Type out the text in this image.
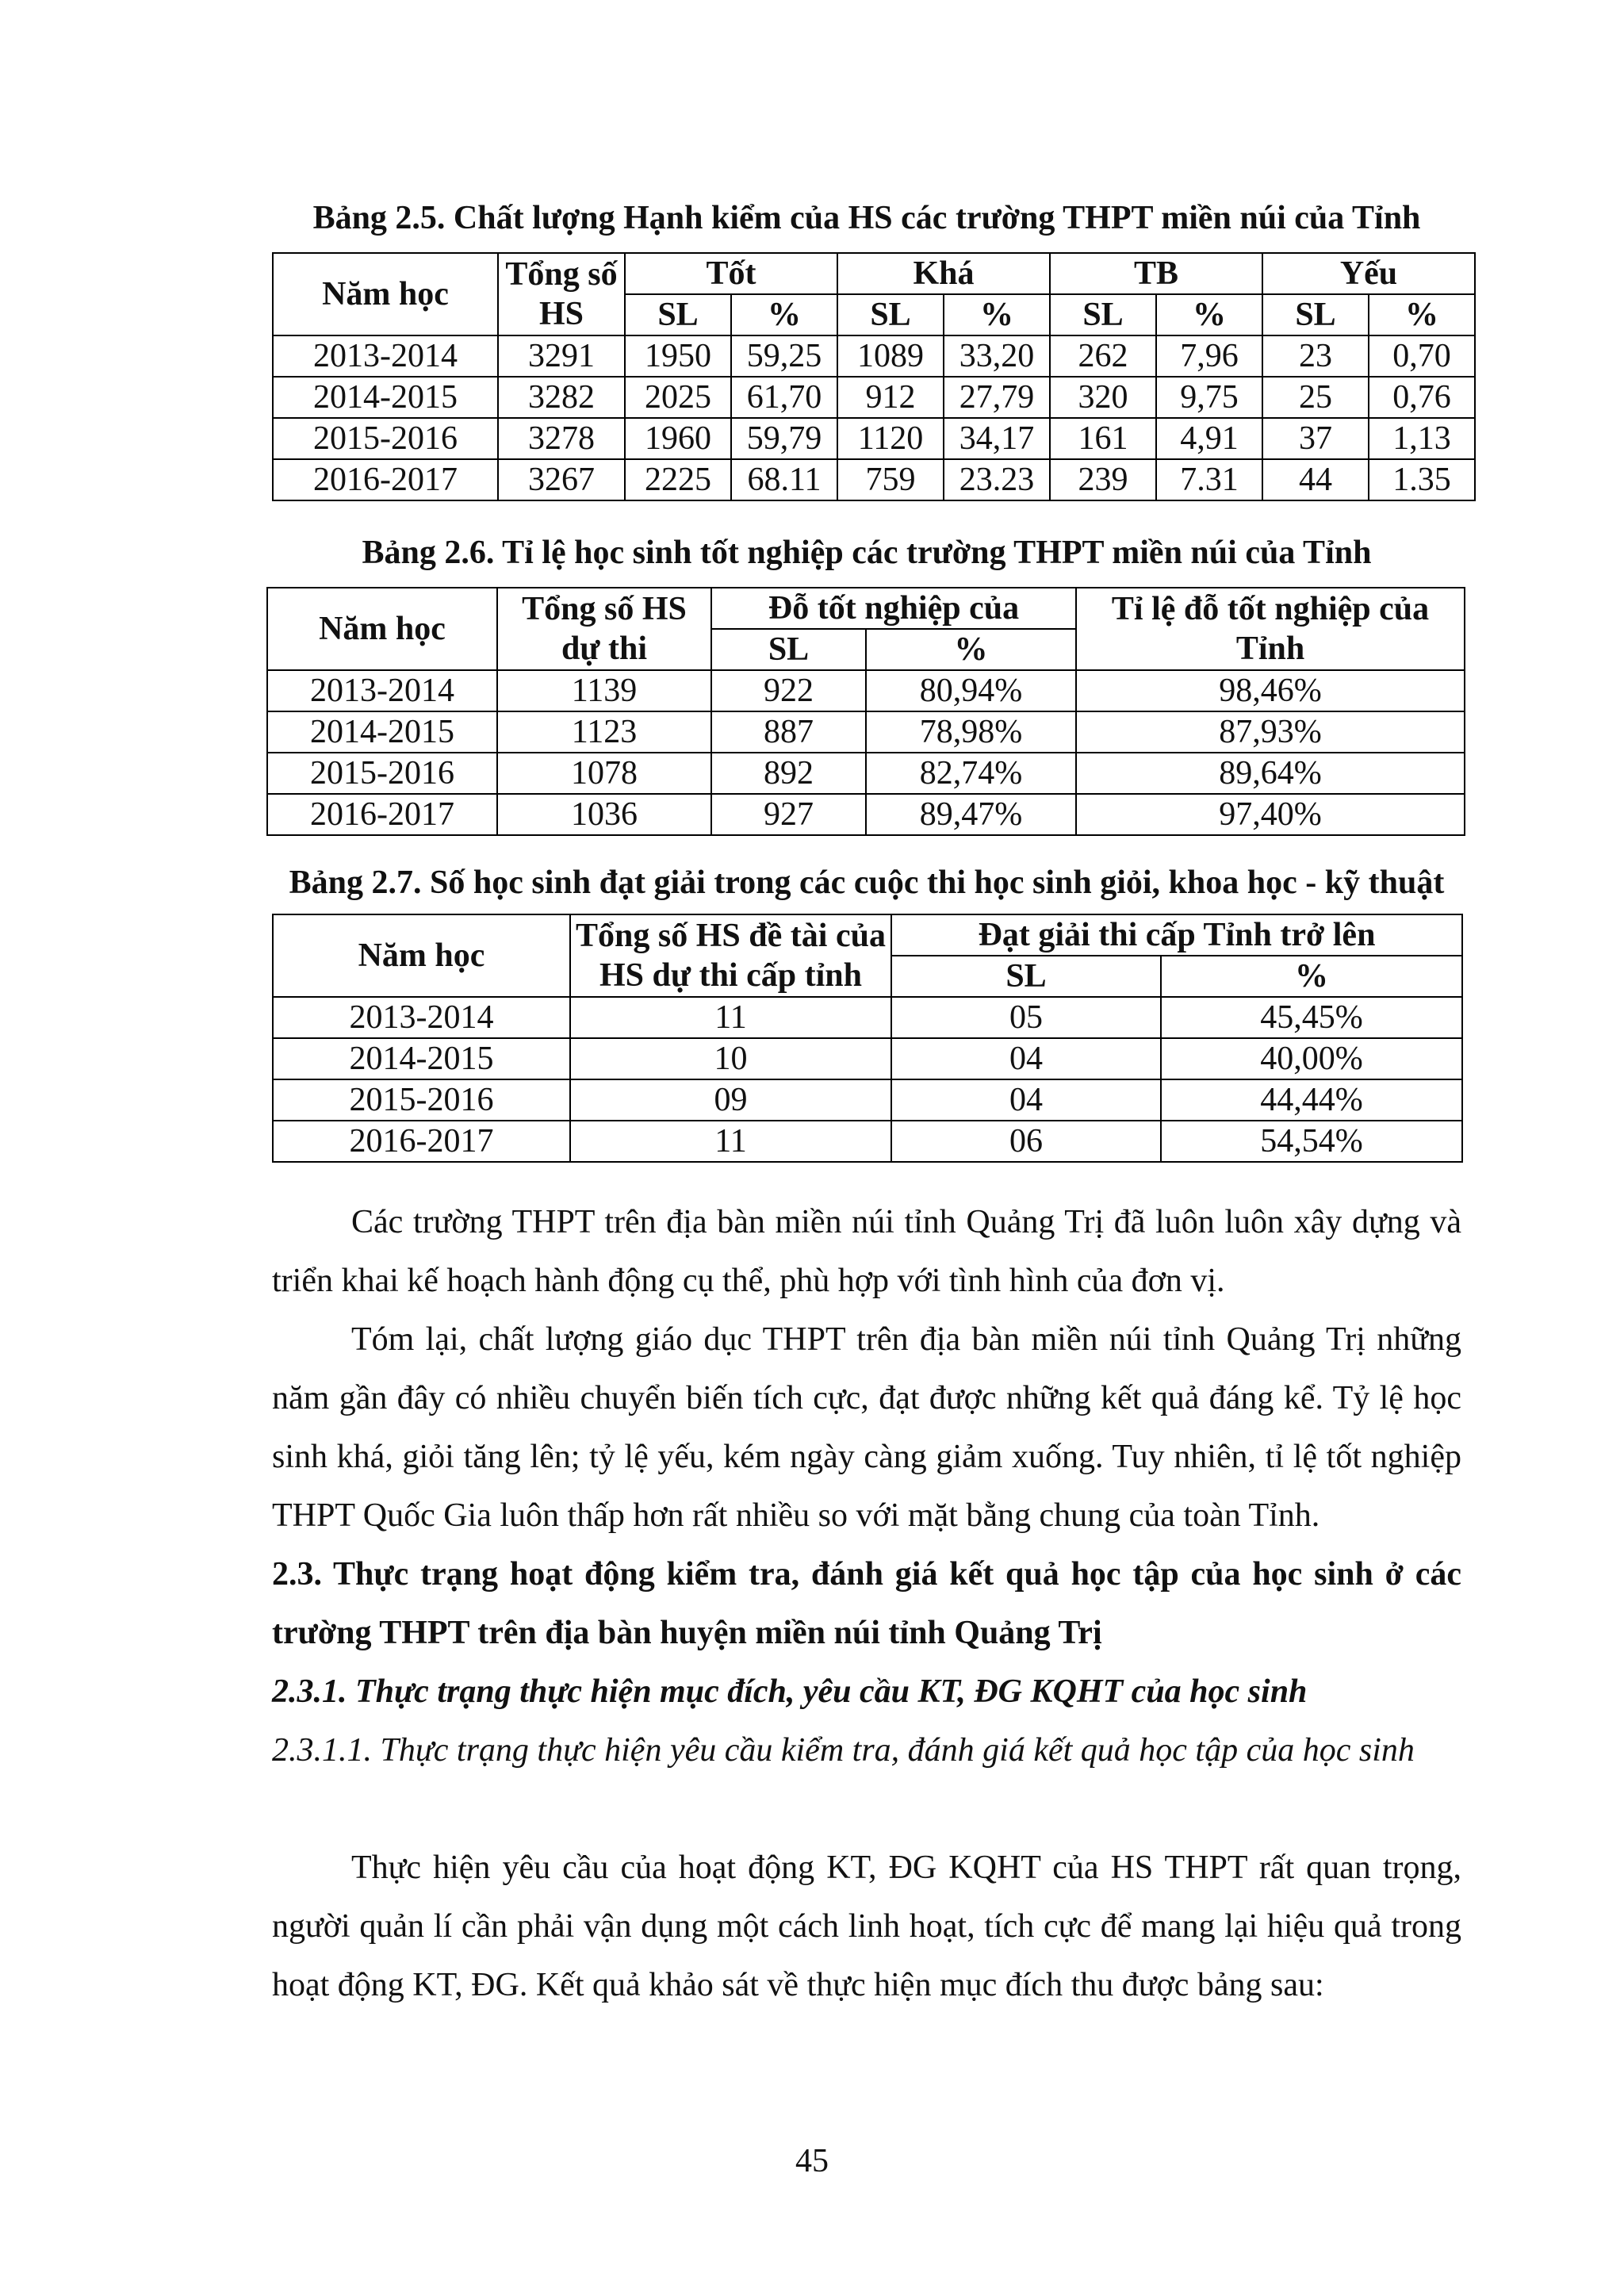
Bảng 2.5. Chất lượng Hạnh kiểm của HS các trường THPT miền núi của Tỉnh

Năm học	Tổng số HS	Tốt		Khá		TB		Yếu	
		SL	%	SL	%	SL	%	SL	%
2013-2014	3291	1950	59,25	1089	33,20	262	7,96	23	0,70
2014-2015	3282	2025	61,70	912	27,79	320	9,75	25	0,76
2015-2016	3278	1960	59,79	1120	34,17	161	4,91	37	1,13
2016-2017	3267	2225	68.11	759	23.23	239	7.31	44	1.35

Bảng 2.6. Tỉ lệ học sinh tốt nghiệp các trường THPT miền núi của Tỉnh

Năm học	Tổng số HS dự thi	Đỗ tốt nghiệp của		Tỉ lệ đỗ tốt nghiệp của Tỉnh
		SL	%	
2013-2014	1139	922	80,94%	98,46%
2014-2015	1123	887	78,98%	87,93%
2015-2016	1078	892	82,74%	89,64%
2016-2017	1036	927	89,47%	97,40%

Bảng 2.7. Số học sinh đạt giải trong các cuộc thi học sinh giỏi, khoa học - kỹ thuật

Năm học	Tổng số HS đề tài của HS dự thi cấp tỉnh	Đạt giải thi cấp Tỉnh trở lên	
		SL	%
2013-2014	11	05	45,45%
2014-2015	10	04	40,00%
2015-2016	09	04	44,44%
2016-2017	11	06	54,54%

Các trường THPT trên địa bàn miền núi tỉnh Quảng Trị đã luôn luôn xây dựng và triển khai kế hoạch hành động cụ thể, phù hợp với tình hình của đơn vị.

Tóm lại, chất lượng giáo dục THPT trên địa bàn miền núi tỉnh Quảng Trị những năm gần đây có nhiều chuyển biến tích cực, đạt được những kết quả đáng kể. Tỷ lệ học sinh khá, giỏi tăng lên; tỷ lệ yếu, kém ngày càng giảm xuống. Tuy nhiên, tỉ lệ tốt nghiệp THPT Quốc Gia luôn thấp hơn rất nhiều so với mặt bằng chung của toàn Tỉnh.

2.3. Thực trạng hoạt động kiểm tra, đánh giá kết quả học tập của học sinh ở các trường THPT trên địa bàn huyện miền núi tỉnh Quảng Trị

2.3.1. Thực trạng thực hiện mục đích, yêu cầu KT, ĐG KQHT của học sinh

2.3.1.1. Thực trạng thực hiện yêu cầu kiểm tra, đánh giá kết quả học tập của học sinh

Thực hiện yêu cầu của hoạt động KT, ĐG KQHT của HS THPT rất quan trọng, người quản lí cần phải vận dụng một cách linh hoạt, tích cực để mang lại hiệu quả trong hoạt động KT, ĐG. Kết quả khảo sát về thực hiện mục đích thu được bảng sau:

45
